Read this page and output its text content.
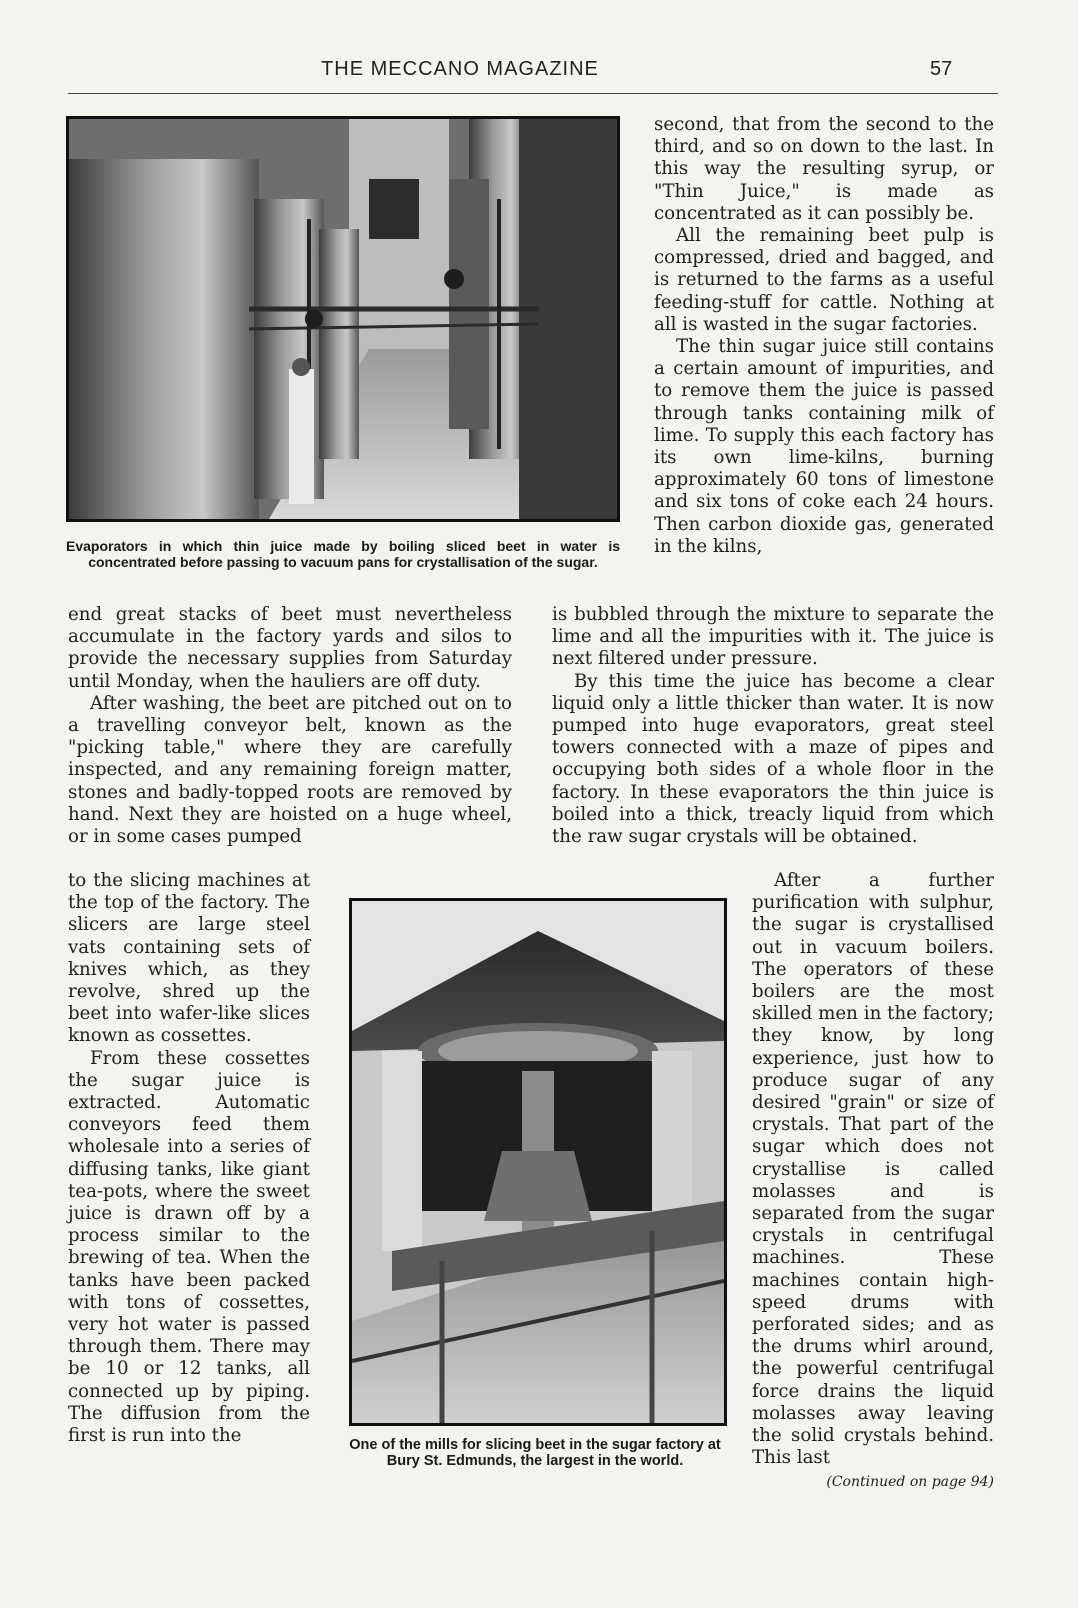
THE MECCANO MAGAZINE	57
Evaporators in which thin juice made by boiling sliced beet in water is concentrated before passing to vacuum pans for crystallisation of the sugar.

second, that from the second to the third, and so on down to the last. In this way the resulting syrup, or "Thin Juice," is made as concentrated as it can possibly be.

All the remaining beet pulp is compressed, dried and bagged, and is returned to the farms as a useful feeding-stuff for cattle. Nothing at all is wasted in the sugar factories.

The thin sugar juice still contains a certain amount of impurities, and to remove them the juice is passed through tanks containing milk of lime. To supply this each factory has its own lime-kilns, burning approximately 60 tons of limestone and six tons of coke each 24 hours. Then carbon dioxide gas, generated in the kilns,

end great stacks of beet must nevertheless accumulate in the factory yards and silos to provide the necessary supplies from Saturday until Monday, when the hauliers are off duty.

After washing, the beet are pitched out on to a travelling conveyor belt, known as the "picking table," where they are carefully inspected, and any remaining foreign matter, stones and badly-topped roots are removed by hand. Next they are hoisted on a huge wheel, or in some cases pumped

is bubbled through the mixture to separate the lime and all the impurities with it. The juice is next filtered under pressure.

By this time the juice has become a clear liquid only a little thicker than water. It is now pumped into huge evaporators, great steel towers connected with a maze of pipes and occupying both sides of a whole floor in the factory. In these evaporators the thin juice is boiled into a thick, treacly liquid from which the raw sugar crystals will be obtained.

One of the mills for slicing beet in the sugar factory at Bury St. Edmunds, the largest in the world.

to the slicing machines at the top of the factory. The slicers are large steel vats containing sets of knives which, as they revolve, shred up the beet into wafer-like slices known as cossettes.

From these cossettes the sugar juice is extracted. Automatic conveyors feed them wholesale into a series of diffusing tanks, like giant tea-pots, where the sweet juice is drawn off by a process similar to the brewing of tea. When the tanks have been packed with tons of cossettes, very hot water is passed through them. There may be 10 or 12 tanks, all connected up by piping. The diffusion from the first is run into the

After a further purification with sulphur, the sugar is crystallised out in vacuum boilers. The operators of these boilers are the most skilled men in the factory; they know, by long experience, just how to produce sugar of any desired "grain" or size of crystals. That part of the sugar which does not crystallise is called molasses and is separated from the sugar crystals in centrifugal machines. These machines contain high-speed drums with perforated sides; and as the drums whirl around, the powerful centrifugal force drains the liquid molasses away leaving the solid crystals behind. This last

(Continued on page 94)
